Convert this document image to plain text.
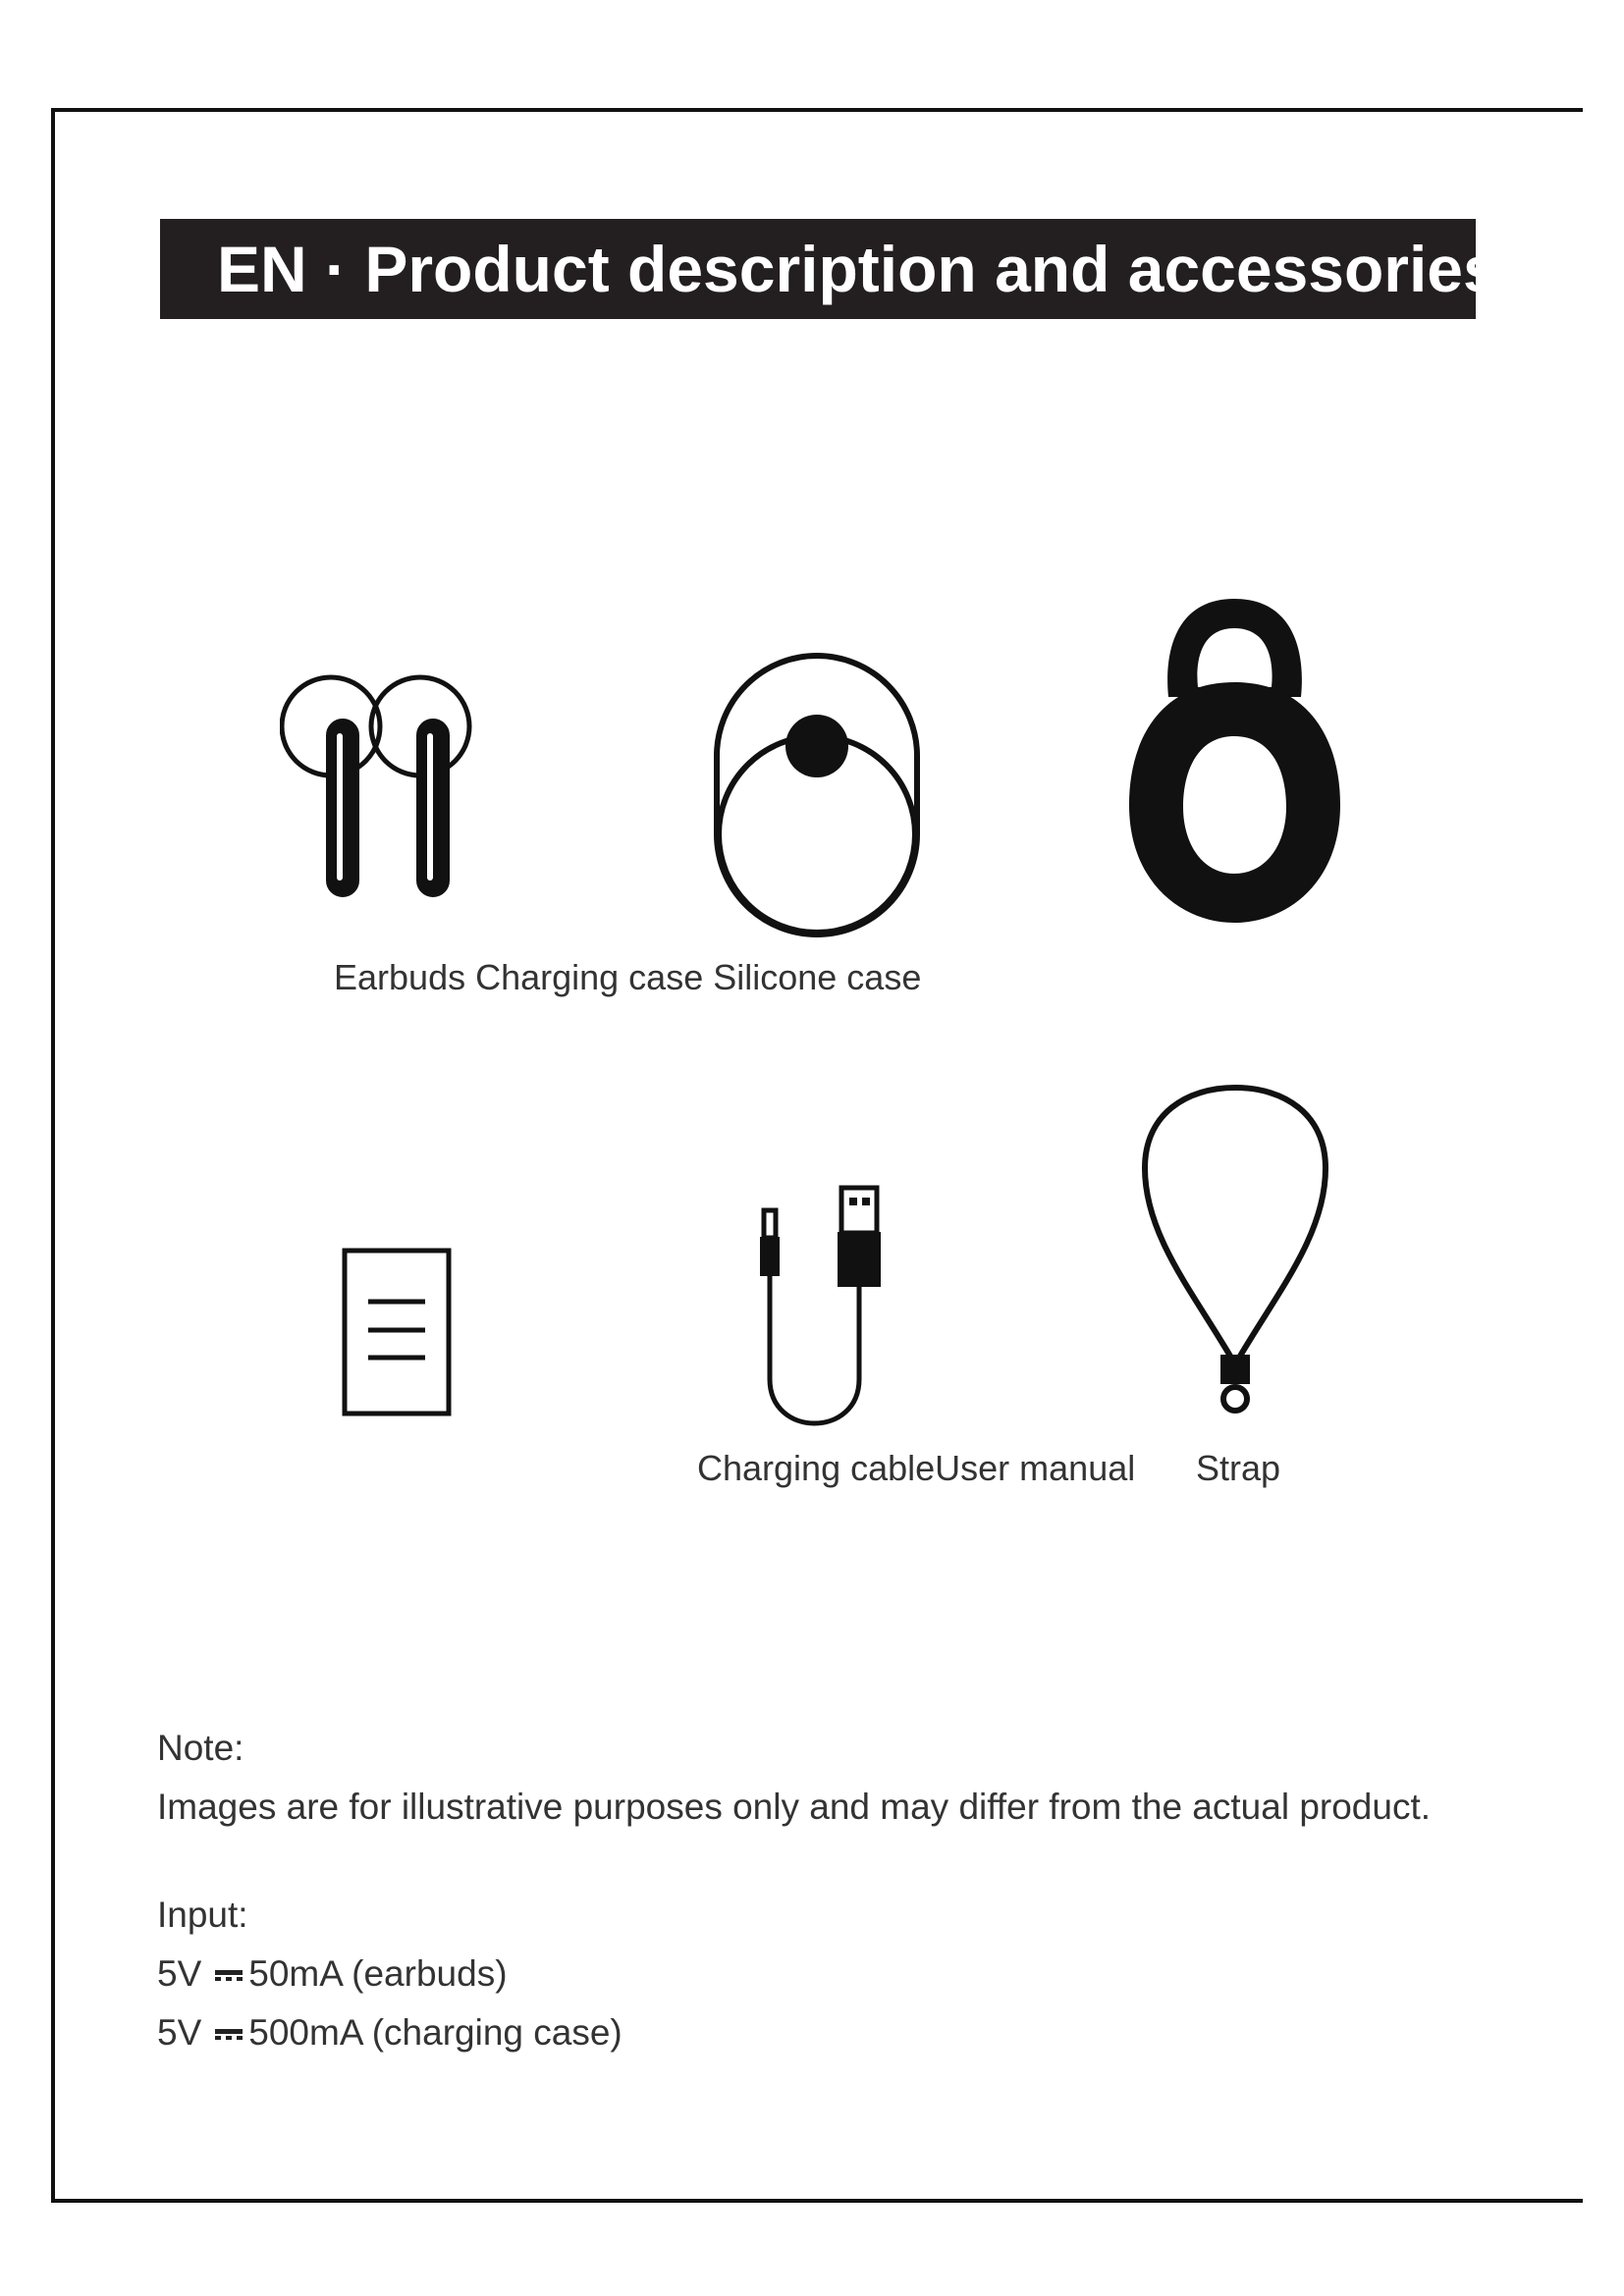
EN · Product description and accessories
Earbuds Charging case Silicone case
Charging cableUser manual Strap
Note:
Images are for illustrative purposes only and may differ from the actual product.
Input:
5V 50mA (earbuds)
5V 500mA (charging case)
